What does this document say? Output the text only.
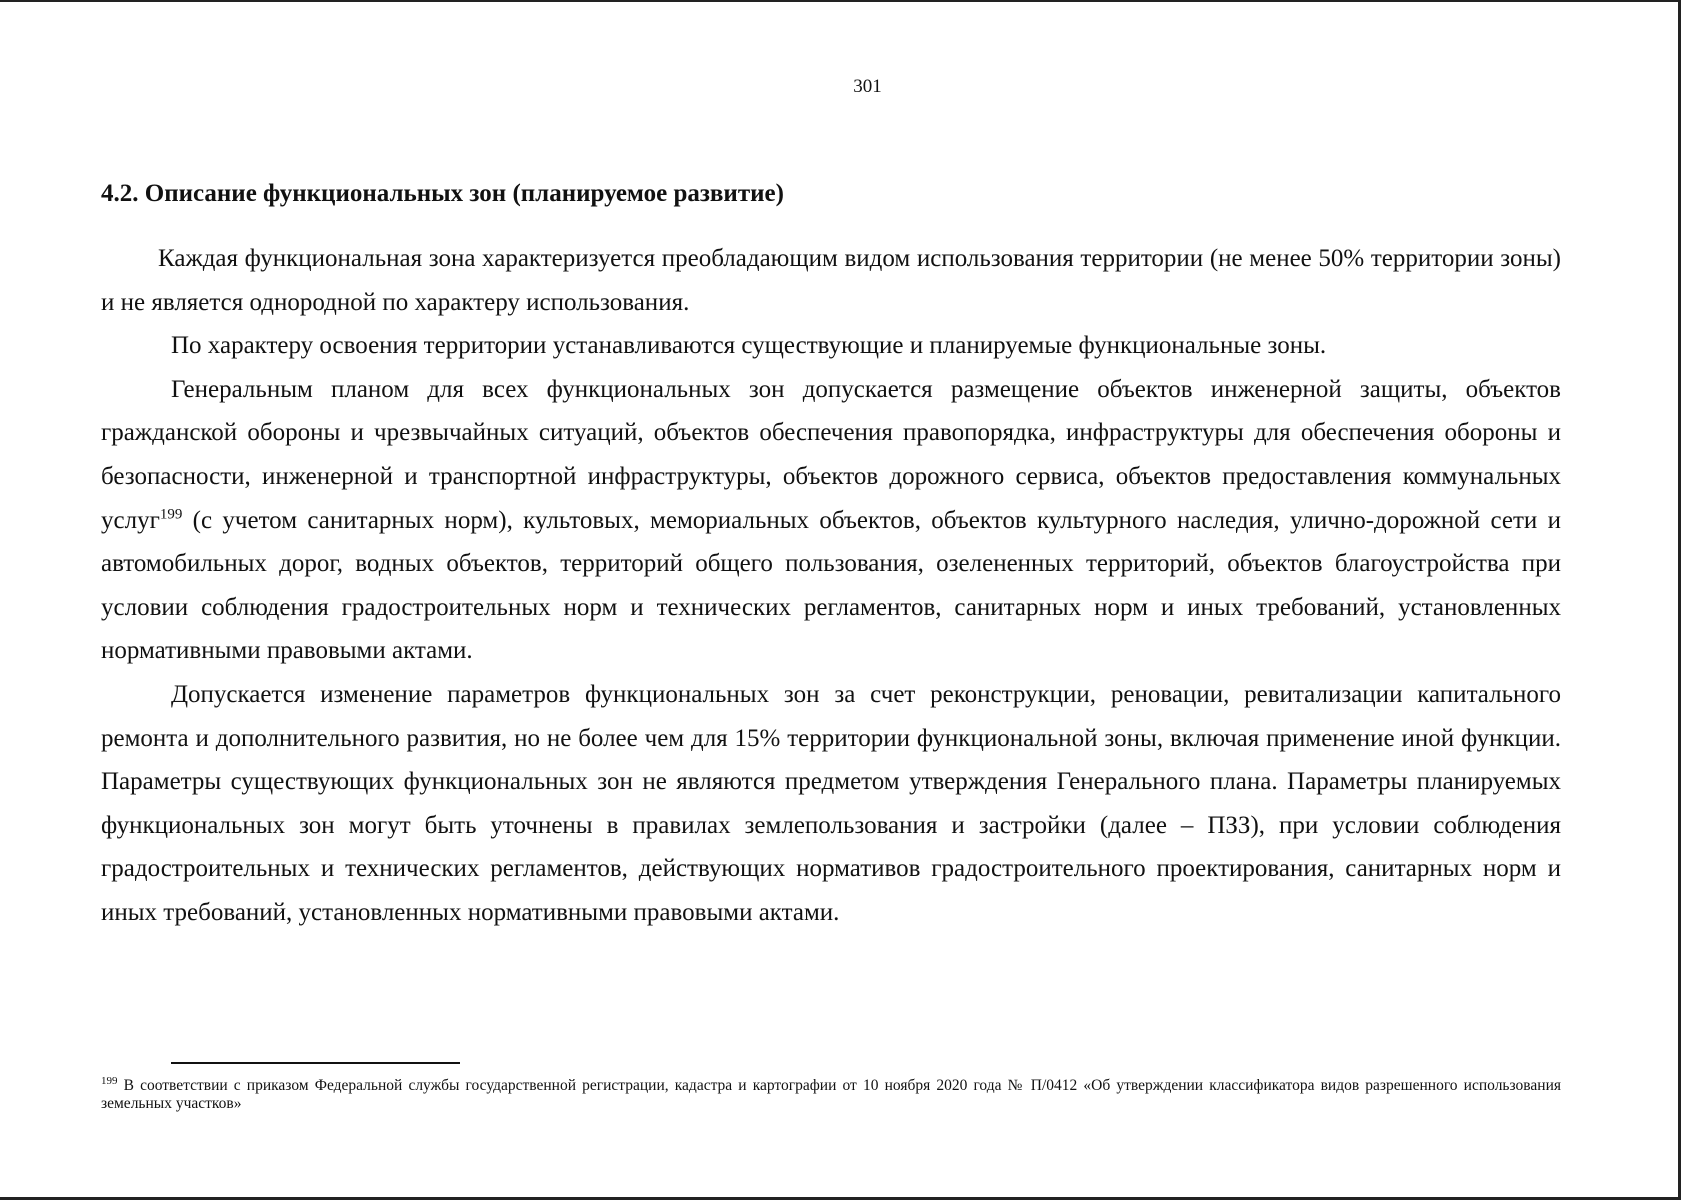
301
4.2. Описание функциональных зон (планируемое развитие)

Каждая функциональная зона характеризуется преобладающим видом использования территории (не менее 50% территории зоны) и не является однородной по характеру использования.

По характеру освоения территории устанавливаются существующие и планируемые функциональные зоны.

Генеральным планом для всех функциональных зон допускается размещение объектов инженерной защиты, объектов гражданской обороны и чрезвычайных ситуаций, объектов обеспечения правопорядка, инфраструктуры для обеспечения обороны и безопасности, инженерной и транспортной инфраструктуры, объектов дорожного сервиса, объектов предоставления коммунальных услуг$^{199}$ (с учетом санитарных норм), культовых, мемориальных объектов, объектов культурного наследия, улично-дорожной сети и автомобильных дорог, водных объектов, территорий общего пользования, озелененных территорий, объектов благоустройства при условии соблюдения градостроительных норм и технических регламентов, санитарных норм и иных требований, установленных нормативными правовыми актами.

Допускается изменение параметров функциональных зон за счет реконструкции, реновации, ревитализации капитального ремонта и дополнительного развития, но не более чем для 15% территории функциональной зоны, включая применение иной функции. Параметры существующих функциональных зон не являются предметом утверждения Генерального плана. Параметры планируемых функциональных зон могут быть уточнены в правилах землепользования и застройки (далее – ПЗЗ), при условии соблюдения градостроительных и технических регламентов, действующих нормативов градостроительного проектирования, санитарных норм и иных требований, установленных нормативными правовыми актами.

$^{199}$ В соответствии с приказом Федеральной службы государственной регистрации, кадастра и картографии от 10 ноября 2020 года № П/0412 «Об утверждении классификатора видов разрешенного использования земельных участков»
